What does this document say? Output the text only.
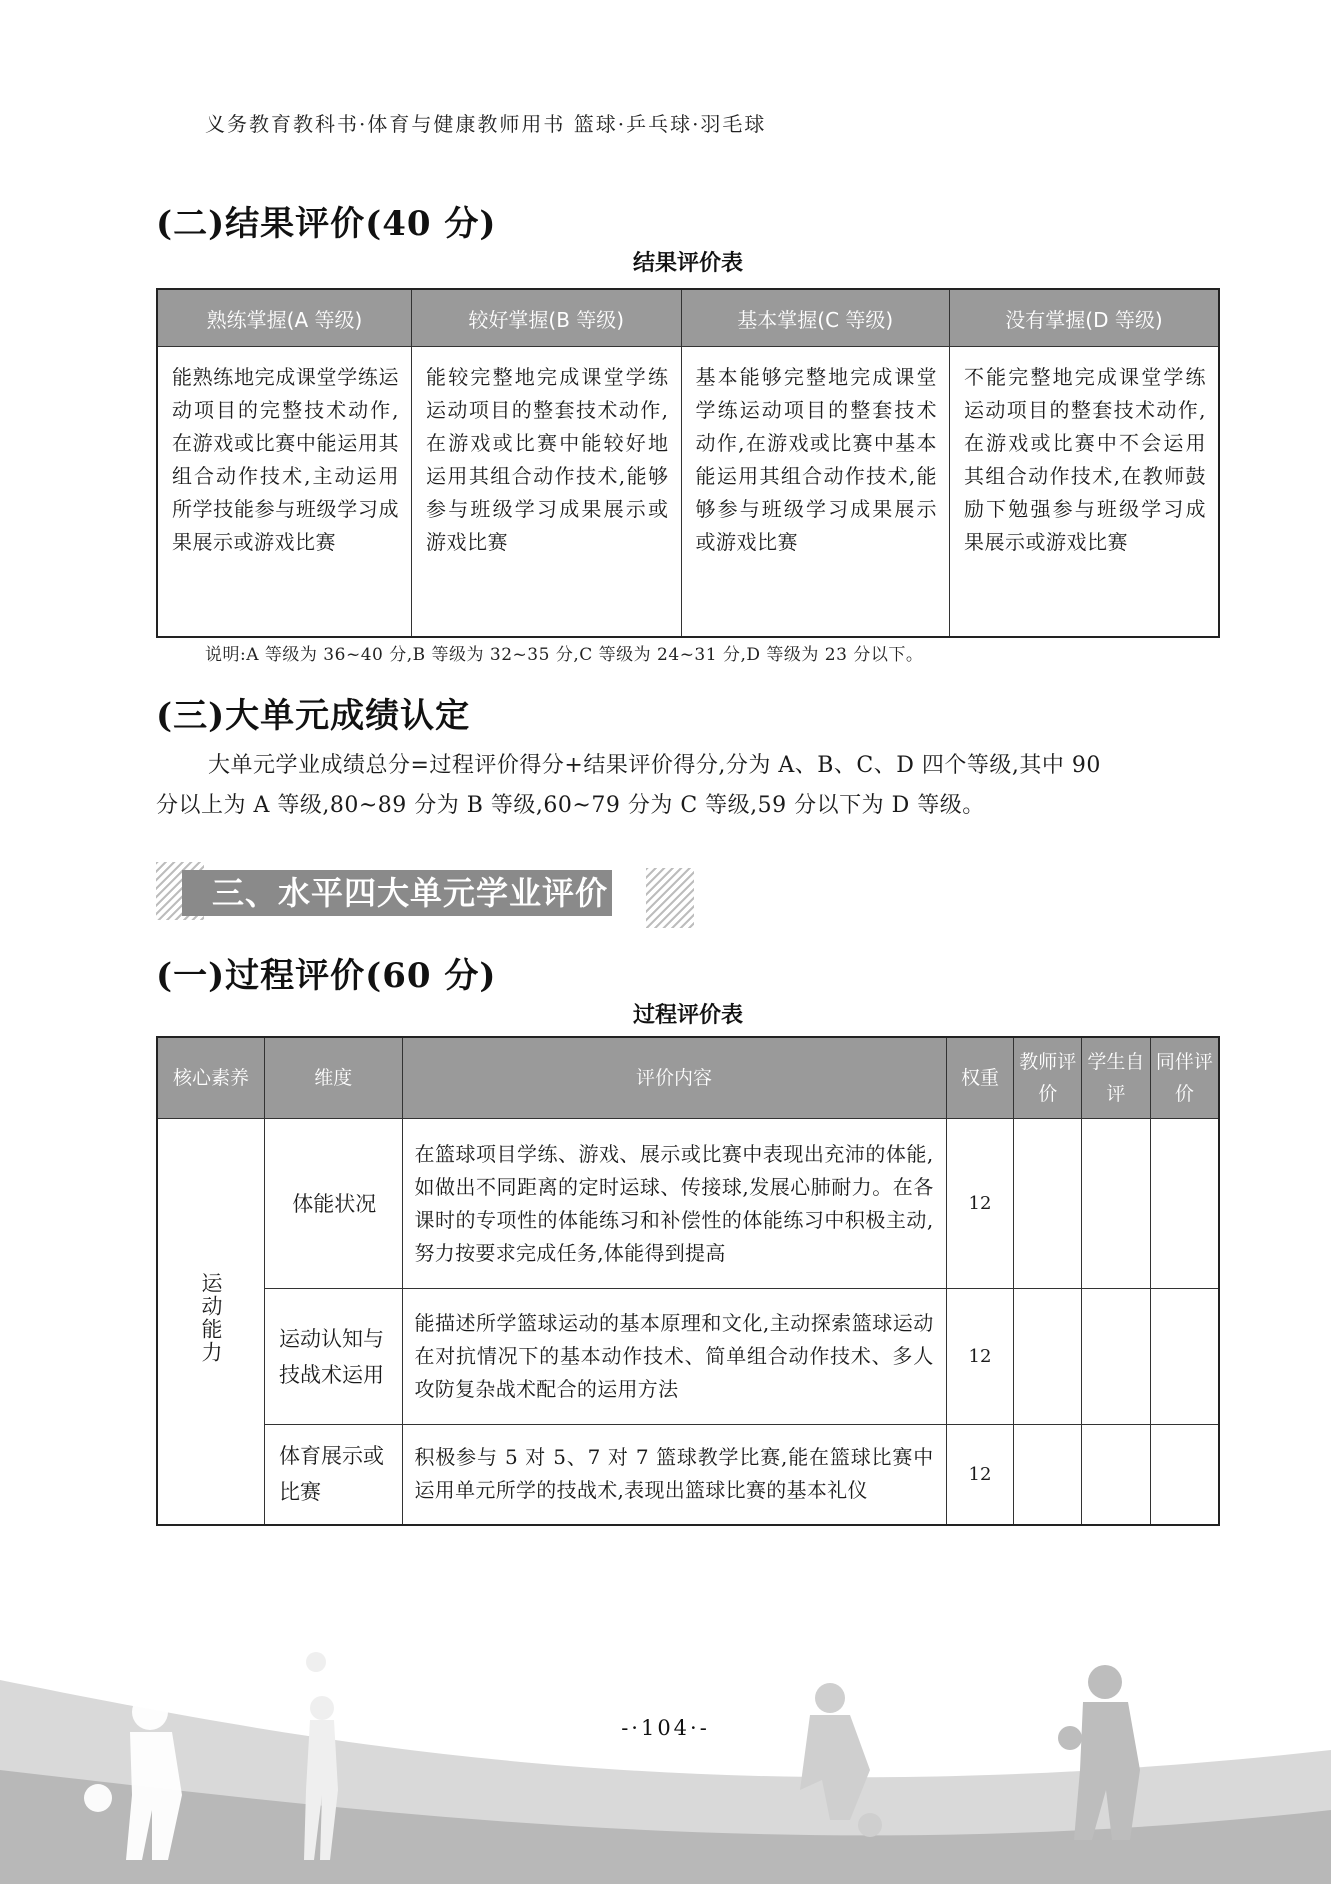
义务教育教科书·体育与健康教师用书 篮球·乒乓球·羽毛球
(二)结果评价(40 分)
结果评价表
熟练掌握(A 等级)	较好掌握(B 等级)	基本掌握(C 等级)	没有掌握(D 等级)
能熟练地完成课堂学练运动项目的完整技术动作,在游戏或比赛中能运用其组合动作技术,主动运用所学技能参与班级学习成果展示或游戏比赛	能较完整地完成课堂学练运动项目的整套技术动作,在游戏或比赛中能较好地运用其组合动作技术,能够参与班级学习成果展示或游戏比赛	基本能够完整地完成课堂学练运动项目的整套技术动作,在游戏或比赛中基本能运用其组合动作技术,能够参与班级学习成果展示或游戏比赛	不能完整地完成课堂学练运动项目的整套技术动作,在游戏或比赛中不会运用其组合动作技术,在教师鼓励下勉强参与班级学习成果展示或游戏比赛
说明:A 等级为 36~40 分,B 等级为 32~35 分,C 等级为 24~31 分,D 等级为 23 分以下。
(三)大单元成绩认定
大单元学业成绩总分=过程评价得分+结果评价得分,分为 A、B、C、D 四个等级,其中 90
分以上为 A 等级,80~89 分为 B 等级,60~79 分为 C 等级,59 分以下为 D 等级。
三、水平四大单元学业评价
(一)过程评价(60 分)
过程评价表
核心素养	维度	评价内容	权重	教师评价	学生自评	同伴评价
运动能力	体能状况	在篮球项目学练、游戏、展示或比赛中表现出充沛的体能,如做出不同距离的定时运球、传接球,发展心肺耐力。在各课时的专项性的体能练习和补偿性的体能练习中积极主动,努力按要求完成任务,体能得到提高	12			
	运动认知与技战术运用	能描述所学篮球运动的基本原理和文化,主动探索篮球运动在对抗情况下的基本动作技术、简单组合动作技术、多人攻防复杂战术配合的运用方法	12			
	体育展示或比赛	积极参与 5 对 5、7 对 7 篮球教学比赛,能在篮球比赛中运用单元所学的技战术,表现出篮球比赛的基本礼仪	12			
-·104·-
